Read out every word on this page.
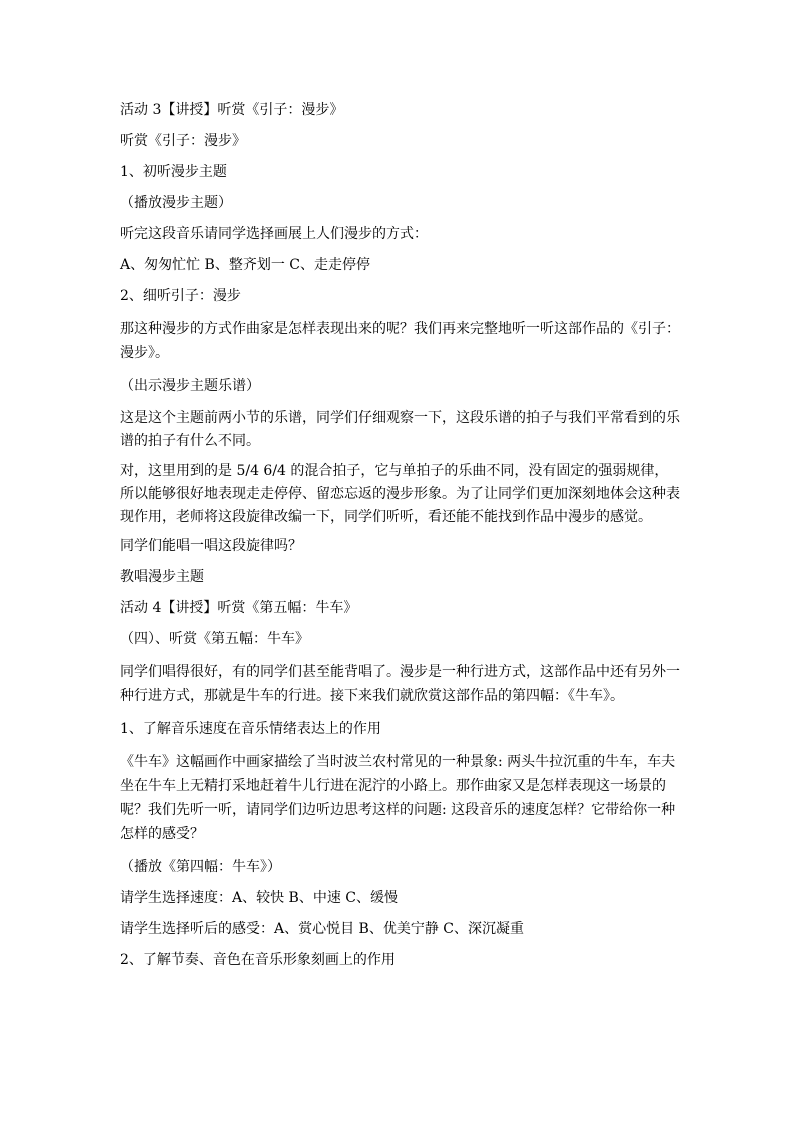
活动 3【讲授】听赏《引子：漫步》

听赏《引子：漫步》

1、初听漫步主题

（播放漫步主题）

听完这段音乐请同学选择画展上人们漫步的方式：

A、匆匆忙忙 B、整齐划一 C、走走停停

2、细听引子：漫步

那这种漫步的方式作曲家是怎样表现出来的呢？我们再来完整地听一听这部作品的《引子：漫步》。

（出示漫步主题乐谱）

这是这个主题前两小节的乐谱，同学们仔细观察一下，这段乐谱的拍子与我们平常看到的乐谱的拍子有什么不同。

对，这里用到的是 5/4 6/4 的混合拍子，它与单拍子的乐曲不同，没有固定的强弱规律，所以能够很好地表现走走停停、留恋忘返的漫步形象。为了让同学们更加深刻地体会这种表现作用，老师将这段旋律改编一下，同学们听听，看还能不能找到作品中漫步的感觉。

同学们能唱一唱这段旋律吗？

教唱漫步主题

活动 4【讲授】听赏《第五幅：牛车》

（四）、听赏《第五幅：牛车》

同学们唱得很好，有的同学们甚至能背唱了。漫步是一种行进方式，这部作品中还有另外一种行进方式，那就是牛车的行进。接下来我们就欣赏这部作品的第四幅：《牛车》。

1、了解音乐速度在音乐情绪表达上的作用

《牛车》这幅画作中画家描绘了当时波兰农村常见的一种景象: 两头牛拉沉重的牛车，车夫坐在牛车上无精打采地赶着牛儿行进在泥泞的小路上。那作曲家又是怎样表现这一场景的呢？我们先听一听，请同学们边听边思考这样的问题: 这段音乐的速度怎样？它带给你一种怎样的感受？

（播放《第四幅：牛车》）

请学生选择速度：A、较快 B、中速 C、缓慢

请学生选择听后的感受：A、赏心悦目 B、优美宁静 C、深沉凝重

2、了解节奏、音色在音乐形象刻画上的作用
